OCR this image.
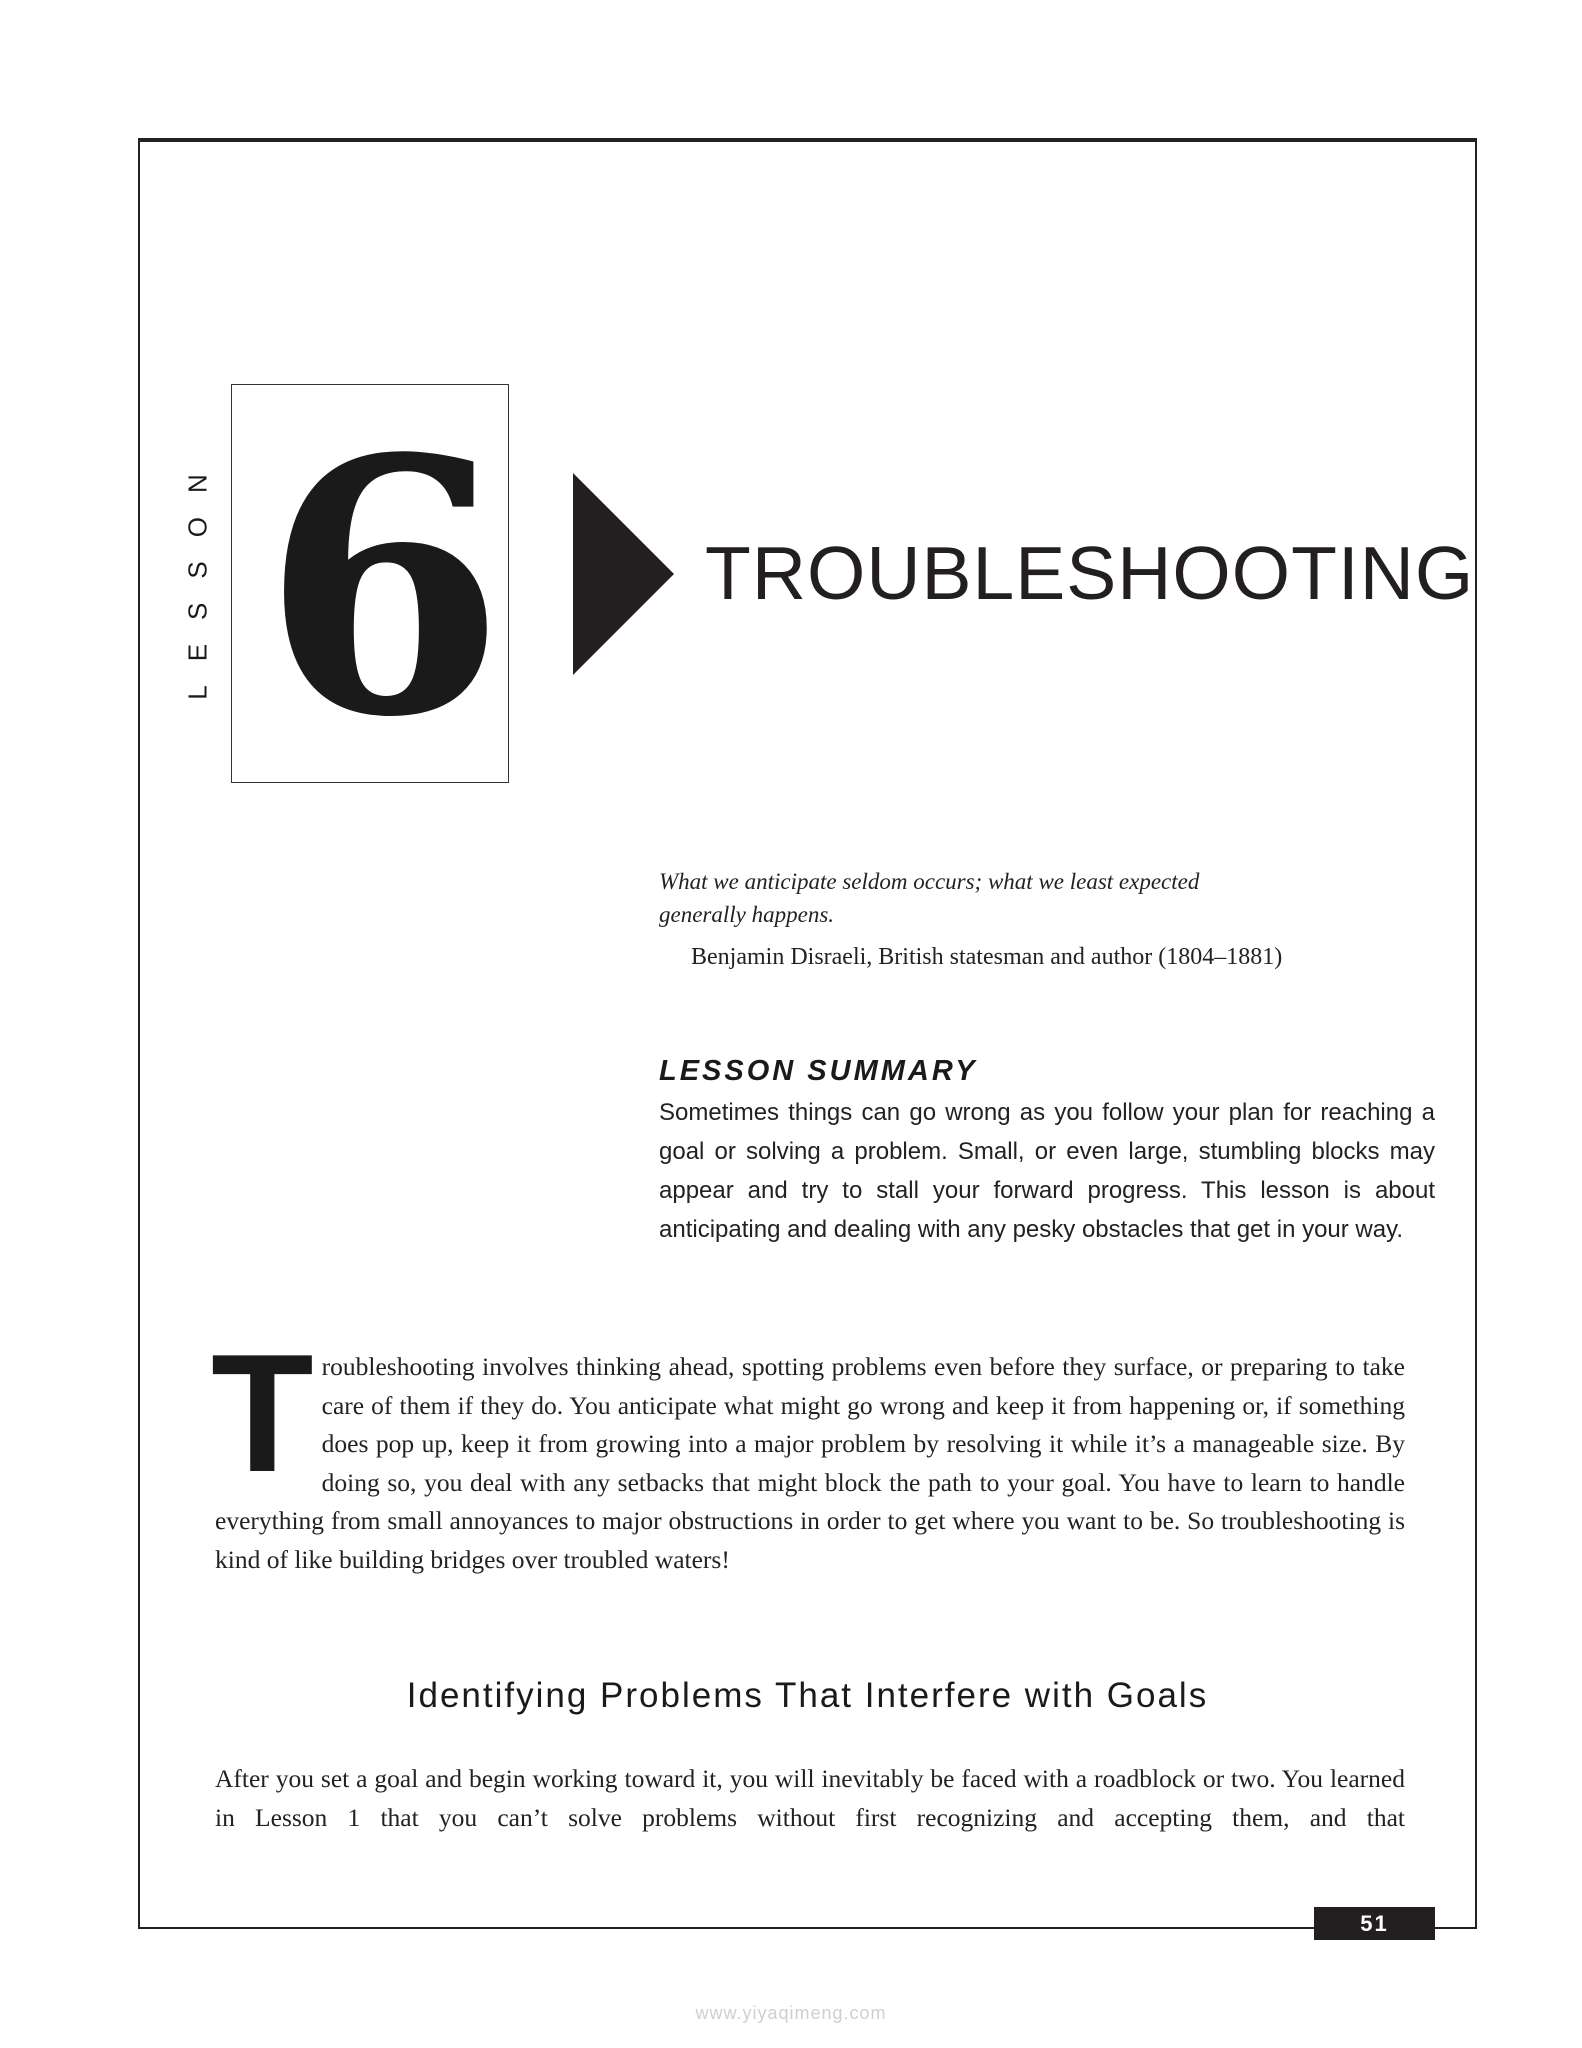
LESSON 6	TROUBLESHOOTING

What we anticipate seldom occurs; what we least expected generally happens.

Benjamin Disraeli, British statesman and author (1804–1881)

LESSON SUMMARY

Sometimes things can go wrong as you follow your plan for reaching a goal or solving a problem. Small, or even large, stumbling blocks may appear and try to stall your forward progress. This lesson is about anticipating and dealing with any pesky obstacles that get in your way.

Troubleshooting involves thinking ahead, spotting problems even before they surface, or preparing to take care of them if they do. You anticipate what might go wrong and keep it from happening or, if something does pop up, keep it from growing into a major problem by resolving it while it’s a manageable size. By doing so, you deal with any setbacks that might block the path to your goal. You have to learn to handle everything from small annoyances to major obstructions in order to get where you want to be. So troubleshooting is kind of like building bridges over troubled waters!

Identifying Problems That Interfere with Goals

After you set a goal and begin working toward it, you will inevitably be faced with a roadblock or two. You learned in Lesson 1 that you can’t solve problems without first recognizing and accepting them, and that

51
www.yiyaqimeng.com
